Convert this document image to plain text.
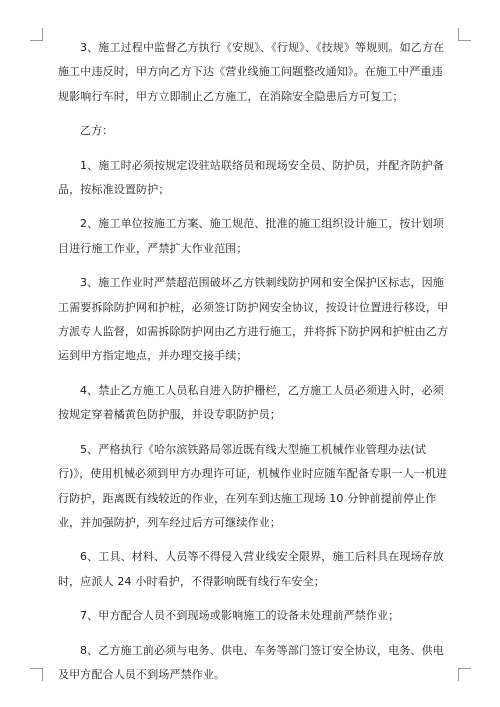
3、施工过程中监督乙方执行《安规》、《行规》、《技规》等规则。如乙方在施工中违反时，甲方向乙方下达《营业线施工问题整改通知》。在施工中严重违规影响行车时，甲方立即制止乙方施工，在消除安全隐患后方可复工；

乙方：

1、施工时必须按规定设驻站联络员和现场安全员、防护员，并配齐防护备品，按标准设置防护；

2、施工单位按施工方案、施工规范、批准的施工组织设计施工，按计划项目进行施工作业，严禁扩大作业范围；

3、施工作业时严禁超范围破坏乙方铁刺线防护网和安全保护区标志，因施工需要拆除防护网和护桩，必须签订防护网安全协议，按设计位置进行移设，甲方派专人监督，如需拆除防护网由乙方进行施工，并将拆下防护网和护桩由乙方运到甲方指定地点，并办理交接手续；

4、禁止乙方施工人员私自进入防护栅栏，乙方施工人员必须进入时，必须按规定穿着橘黄色防护服，并设专职防护员；

5、严格执行《哈尔滨铁路局邻近既有线大型施工机械作业管理办法(试行)》，使用机械必须到甲方办理许可证，机械作业时应随车配备专职一人一机进行防护，距离既有线较近的作业，在列车到达施工现场 10 分钟前提前停止作业，并加强防护，列车经过后方可继续作业；

6、工具、材料、人员等不得侵入营业线安全限界，施工后料具在现场存放时，应派人 24 小时看护，不得影响既有线行车安全；

7、甲方配合人员不到现场或影响施工的设备未处理前严禁作业；

8、乙方施工前必须与电务、供电、车务等部门签订安全协议，电务、供电及甲方配合人员不到场严禁作业。
